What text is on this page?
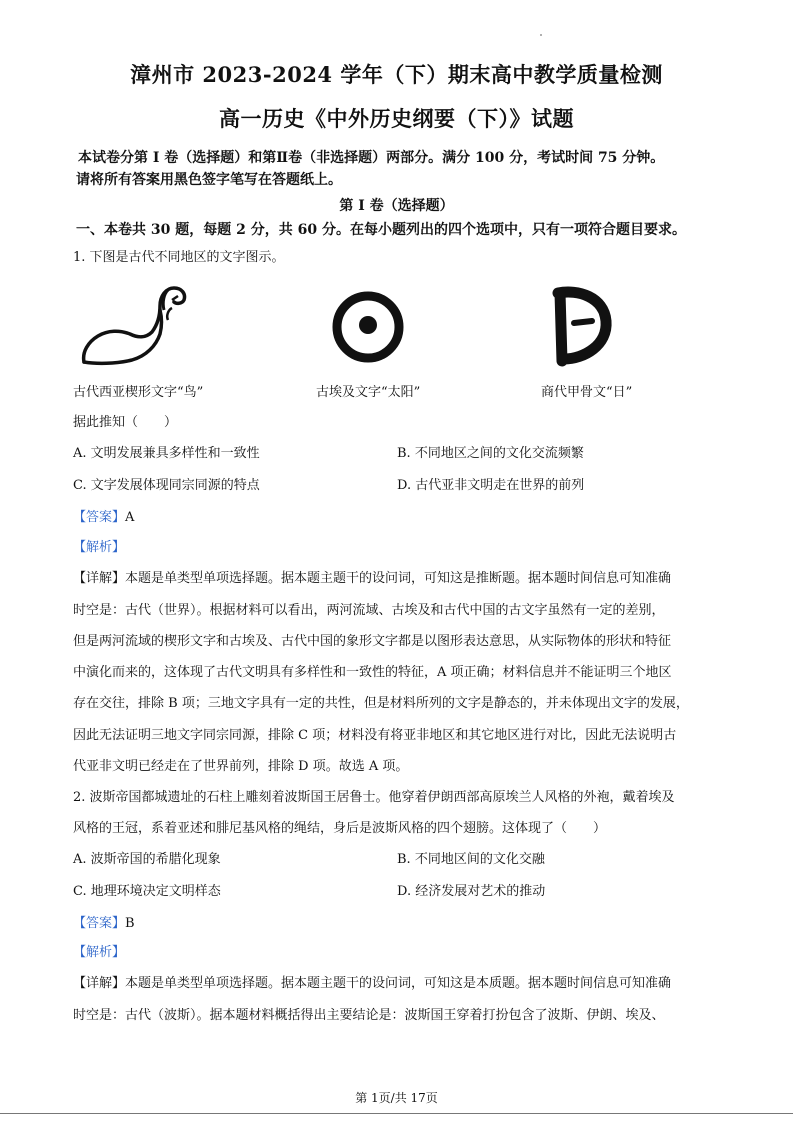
漳州市 2023-2024 学年（下）期末高中教学质量检测
高一历史《中外历史纲要（下）》试题
本试卷分第 I 卷（选择题）和第Ⅱ卷（非选择题）两部分。满分 100 分，考试时间 75 分钟。
请将所有答案用黑色签字笔写在答题纸上。
第 I 卷（选择题）
一、本卷共 30 题，每题 2 分，共 60 分。在每小题列出的四个选项中，只有一项符合题目要求。
1. 下图是古代不同地区的文字图示。
古代西亚楔形文字“鸟”	古埃及文字“太阳”	商代甲骨文“日”
据此推知（　　）
A. 文明发展兼具多样性和一致性	B. 不同地区之间的文化交流频繁
C. 文字发展体现同宗同源的特点	D. 古代亚非文明走在世界的前列
【答案】A
【解析】
【详解】本题是单类型单项选择题。据本题主题干的设问词，可知这是推断题。据本题时间信息可知准确
时空是：古代（世界）。根据材料可以看出，两河流域、古埃及和古代中国的古文字虽然有一定的差别，
但是两河流域的楔形文字和古埃及、古代中国的象形文字都是以图形表达意思，从实际物体的形状和特征
中演化而来的，这体现了古代文明具有多样性和一致性的特征，A 项正确；材料信息并不能证明三个地区
存在交往，排除 B 项；三地文字具有一定的共性，但是材料所列的文字是静态的，并未体现出文字的发展，
因此无法证明三地文字同宗同源，排除 C 项；材料没有将亚非地区和其它地区进行对比，因此无法说明古
代亚非文明已经走在了世界前列，排除 D 项。故选 A 项。
2. 波斯帝国都城遗址的石柱上雕刻着波斯国王居鲁士。他穿着伊朗西部高原埃兰人风格的外袍，戴着埃及
风格的王冠，系着亚述和腓尼基风格的绳结，身后是波斯风格的四个翅膀。这体现了（　　）
A. 波斯帝国的希腊化现象	B. 不同地区间的文化交融
C. 地理环境决定文明样态	D. 经济发展对艺术的推动
【答案】B
【解析】
【详解】本题是单类型单项选择题。据本题主题干的设问词，可知这是本质题。据本题时间信息可知准确
时空是：古代（波斯）。据本题材料概括得出主要结论是：波斯国王穿着打扮包含了波斯、伊朗、埃及、
第 1页/共 17页
